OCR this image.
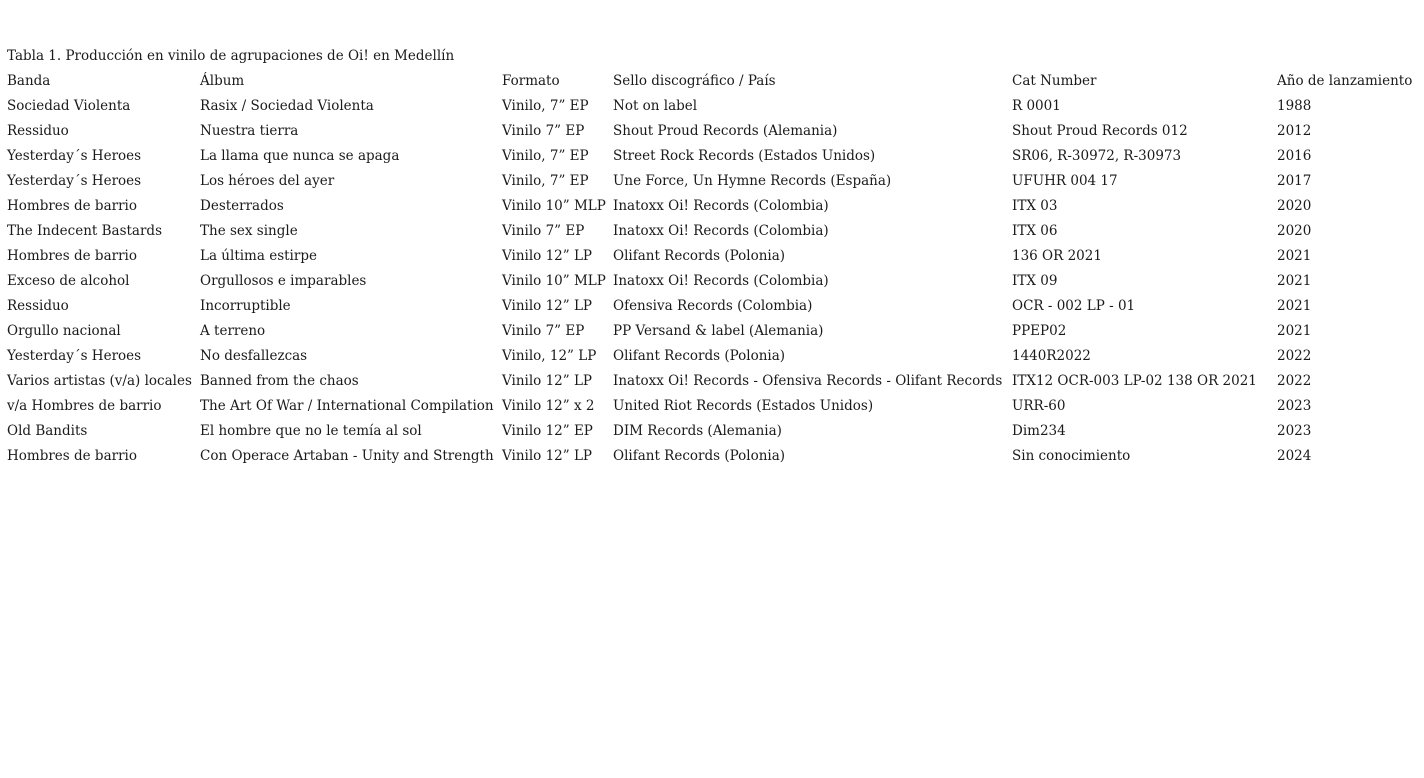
Tabla 1. Producción en vinilo de agrupaciones de Oi! en Medellín
Banda	Álbum	Formato	Sello discográfico / País	Cat Number	Año de lanzamiento
Sociedad Violenta	Rasix / Sociedad Violenta	Vinilo, 7” EP	Not on label	R 0001	1988
Ressiduo	Nuestra tierra	Vinilo 7” EP	Shout Proud Records (Alemania)	Shout Proud Records 012	2012
Yesterday´s Heroes	La llama que nunca se apaga	Vinilo, 7” EP	Street Rock Records (Estados Unidos)	SR06, R-30972, R-30973	2016
Yesterday´s Heroes	Los héroes del ayer	Vinilo, 7” EP	Une Force, Un Hymne Records (España)	UFUHR 004 17	2017
Hombres de barrio	Desterrados	Vinilo 10” MLP	Inatoxx Oi! Records (Colombia)	ITX 03	2020
The Indecent Bastards	The sex single	Vinilo 7” EP	Inatoxx Oi! Records (Colombia)	ITX 06	2020
Hombres de barrio	La última estirpe	Vinilo 12” LP	Olifant Records (Polonia)	136 OR 2021	2021
Exceso de alcohol	Orgullosos e imparables	Vinilo 10” MLP	Inatoxx Oi! Records (Colombia)	ITX 09	2021
Ressiduo	Incorruptible	Vinilo 12” LP	Ofensiva Records (Colombia)	OCR - 002 LP - 01	2021
Orgullo nacional	A terreno	Vinilo 7” EP	PP Versand & label (Alemania)	PPEP02	2021
Yesterday´s Heroes	No desfallezcas	Vinilo, 12” LP	Olifant Records (Polonia)	1440R2022	2022
Varios artistas (v/a) locales	Banned from the chaos	Vinilo 12” LP	Inatoxx Oi! Records - Ofensiva Records - Olifant Records	ITX12 OCR-003 LP-02 138 OR 2021	2022
v/a Hombres de barrio	The Art Of War / International Compilation	Vinilo 12” x 2	United Riot Records (Estados Unidos)	URR-60	2023
Old Bandits	El hombre que no le temía al sol	Vinilo 12” EP	DIM Records (Alemania)	Dim234	2023
Hombres de barrio	Con Operace Artaban - Unity and Strength	Vinilo 12” LP	Olifant Records (Polonia)	Sin conocimiento	2024
